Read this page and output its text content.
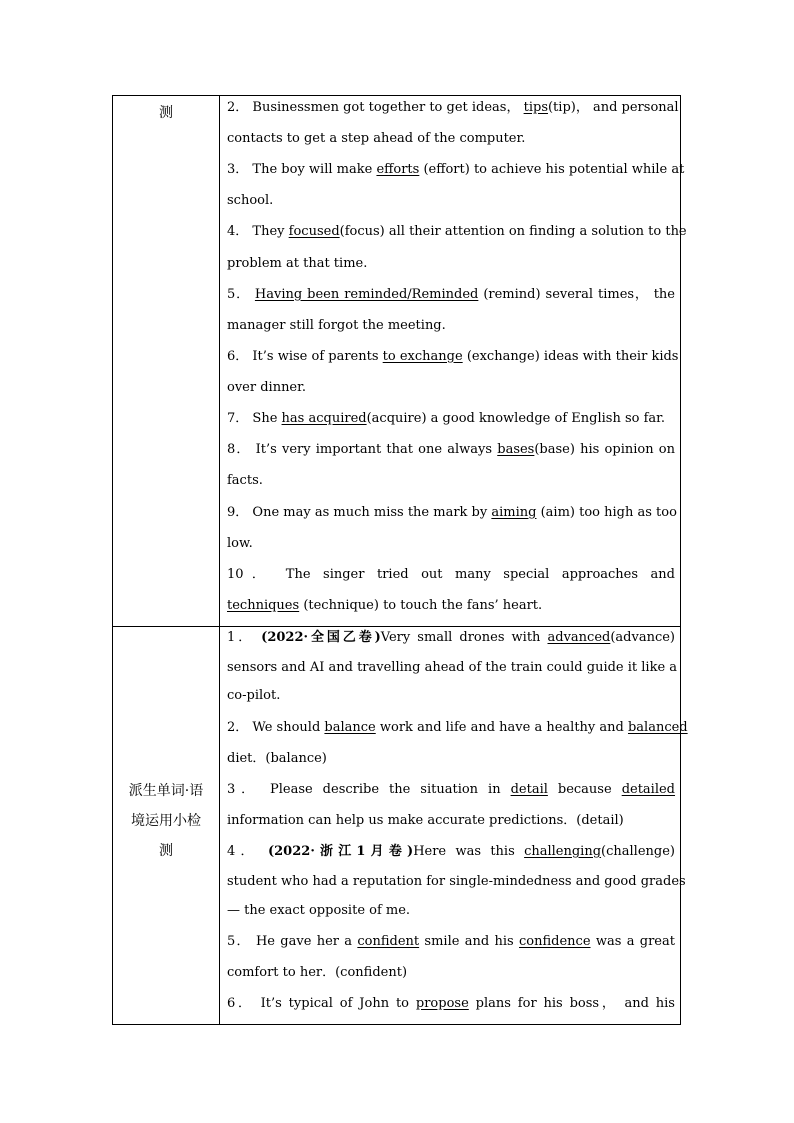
测	2． Businessmen got together to get ideas， tips(tip)， and personal
contacts to get a step ahead of the computer.
3． The boy will make efforts (effort) to achieve his potential while at
school.
4． They focused(focus) all their attention on finding a solution to the
problem at that time.
5． Having been reminded/Reminded (remind) several times， the
manager still forgot the meeting.
6． It’s wise of parents to exchange (exchange) ideas with their kids
over dinner.
7． She has acquired(acquire) a good knowledge of English so far.
8． It’s very important that one always bases(base) his opinion on
facts.
9． One may as much miss the mark by aiming (aim) too high as too
low.
10． The singer tried out many special approaches and
techniques (technique) to touch the fans’ heart.
派生单词·语
境运用小检
测
1． (2022·全国乙卷)Very small drones with advanced(advance)
sensors and AI and travelling ahead of the train could guide it like a
co-pilot.
2． We should balance work and life and have a healthy and balanced
diet．(balance)
3． Please describe the situation in detail because detailed
information can help us make accurate predictions．(detail)
4． (2022·浙江1月卷)Here was this challenging(challenge)
student who had a reputation for single-mindedness and good grades
— the exact opposite of me.
5． He gave her a confident smile and his confidence was a great
comfort to her．(confident)
6． It’s typical of John to propose plans for his boss， and his
